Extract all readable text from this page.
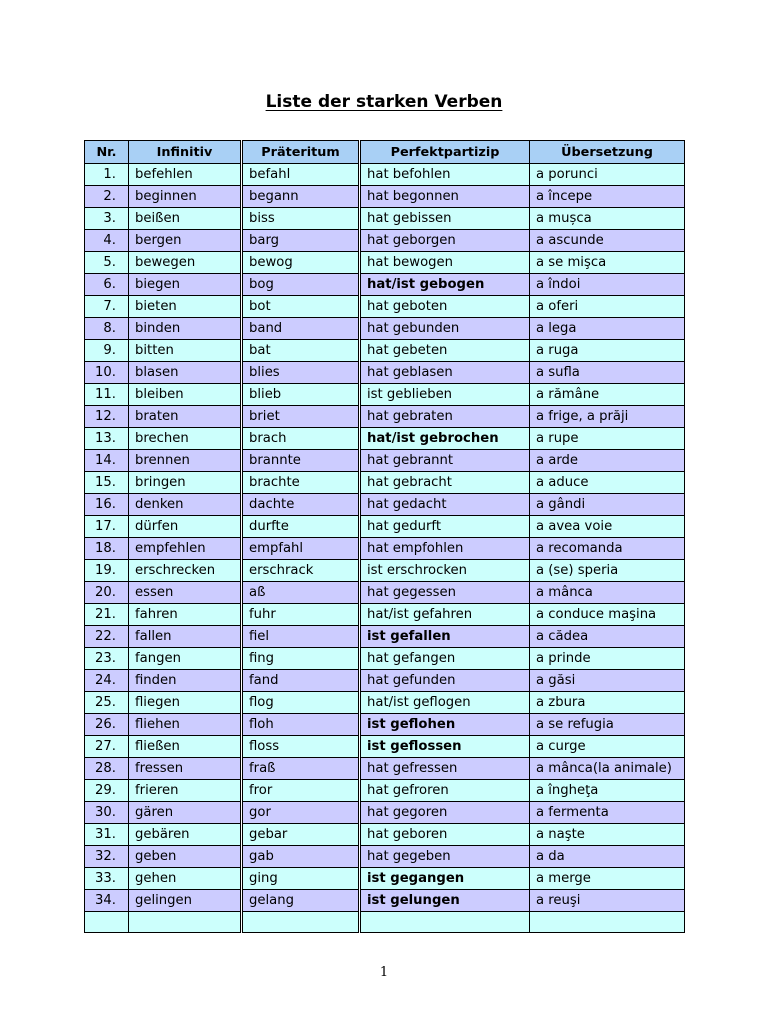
Liste der starken Verben
Nr.	Infinitiv	Präteritum	Perfektpartizip	Übersetzung
1.	befehlen	befahl	hat befohlen	a porunci
2.	beginnen	begann	hat begonnen	a începe
3.	beißen	biss	hat gebissen	a mușca
4.	bergen	barg	hat geborgen	a ascunde
5.	bewegen	bewog	hat bewogen	a se mişca
6.	biegen	bog	hat/ist gebogen	a îndoi
7.	bieten	bot	hat geboten	a oferi
8.	binden	band	hat gebunden	a lega
9.	bitten	bat	hat gebeten	a ruga
10.	blasen	blies	hat geblasen	a sufla
11.	bleiben	blieb	ist geblieben	a rămâne
12.	braten	briet	hat gebraten	a frige, a prăji
13.	brechen	brach	hat/ist gebrochen	a rupe
14.	brennen	brannte	hat gebrannt	a arde
15.	bringen	brachte	hat gebracht	a aduce
16.	denken	dachte	hat gedacht	a gândi
17.	dürfen	durfte	hat gedurft	a avea voie
18.	empfehlen	empfahl	hat empfohlen	a recomanda
19.	erschrecken	erschrack	ist erschrocken	a (se) speria
20.	essen	aß	hat gegessen	a mânca
21.	fahren	fuhr	hat/ist gefahren	a conduce maşina
22.	fallen	fiel	ist gefallen	a cădea
23.	fangen	fing	hat gefangen	a prinde
24.	finden	fand	hat gefunden	a găsi
25.	fliegen	flog	hat/ist geflogen	a zbura
26.	fliehen	floh	ist geflohen	a se refugia
27.	fließen	floss	ist geflossen	a curge
28.	fressen	fraß	hat gefressen	a mânca(la animale)
29.	frieren	fror	hat gefroren	a îngheţa
30.	gären	gor	hat gegoren	a fermenta
31.	gebären	gebar	hat geboren	a naşte
32.	geben	gab	hat gegeben	a da
33.	gehen	ging	ist gegangen	a merge
34.	gelingen	gelang	ist gelungen	a reuşi

1
